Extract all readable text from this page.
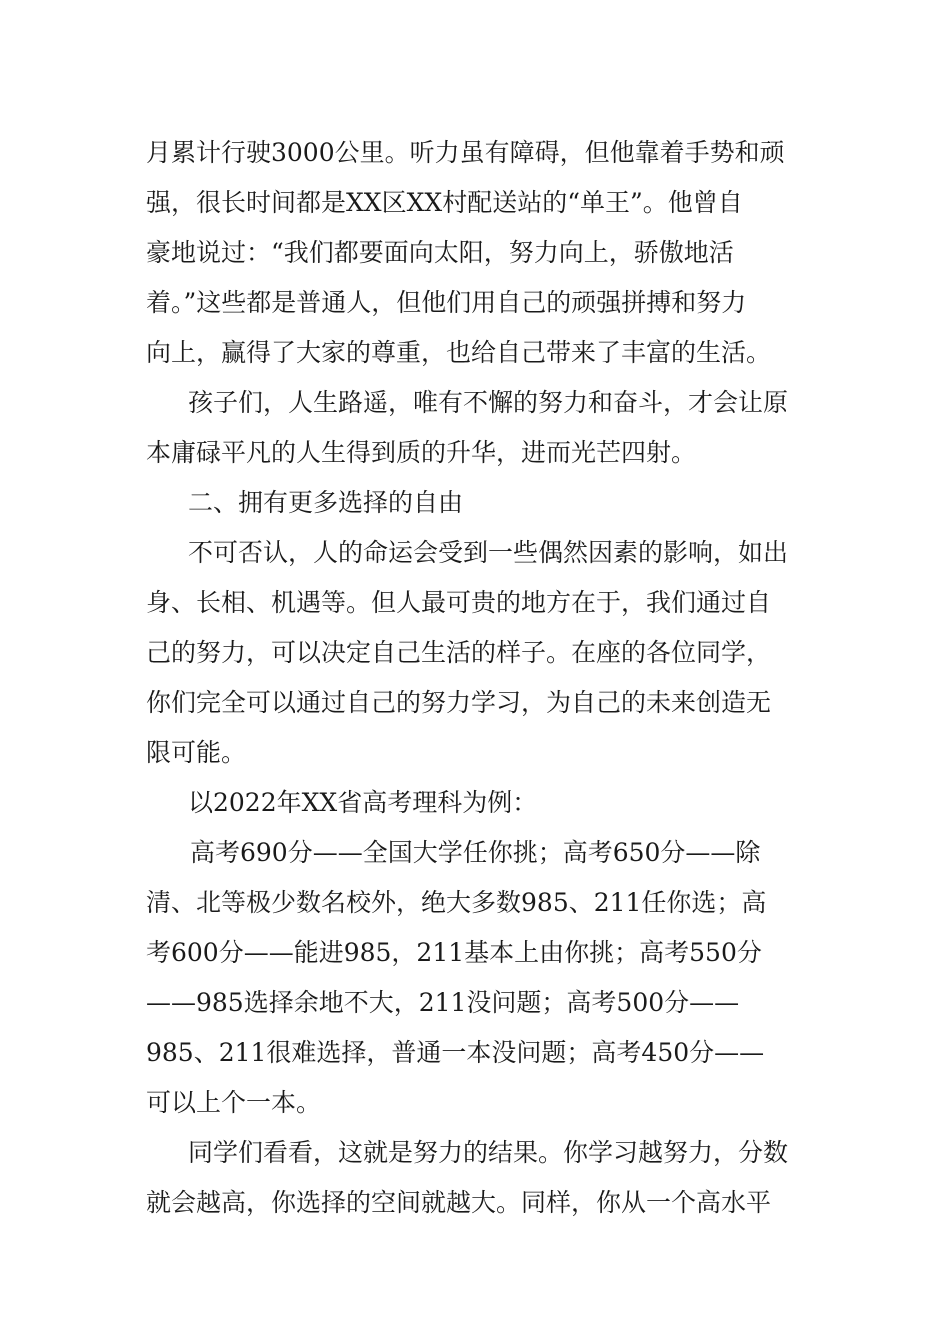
月累计行驶3000公里。听力虽有障碍，但他靠着手势和顽
强，很长时间都是XX区XX村配送站的“单王”。他曾自
豪地说过：“我们都要面向太阳，努力向上，骄傲地活
着。”这些都是普通人，但他们用自己的顽强拼搏和努力
向上，赢得了大家的尊重，也给自己带来了丰富的生活。
孩子们，人生路遥，唯有不懈的努力和奋斗，才会让原
本庸碌平凡的人生得到质的升华，进而光芒四射。
二、拥有更多选择的自由
不可否认，人的命运会受到一些偶然因素的影响，如出
身、长相、机遇等。但人最可贵的地方在于，我们通过自
己的努力，可以决定自己生活的样子。在座的各位同学，
你们完全可以通过自己的努力学习，为自己的未来创造无
限可能。
以2022年XX省高考理科为例：
高考690分——全国大学任你挑；高考650分——除
清、北等极少数名校外，绝大多数985、211任你选；高
考600分——能进985，211基本上由你挑；高考550分
——985选择余地不大，211没问题；高考500分——
985、211很难选择，普通一本没问题；高考450分——
可以上个一本。
同学们看看，这就是努力的结果。你学习越努力，分数
就会越高，你选择的空间就越大。同样，你从一个高水平
